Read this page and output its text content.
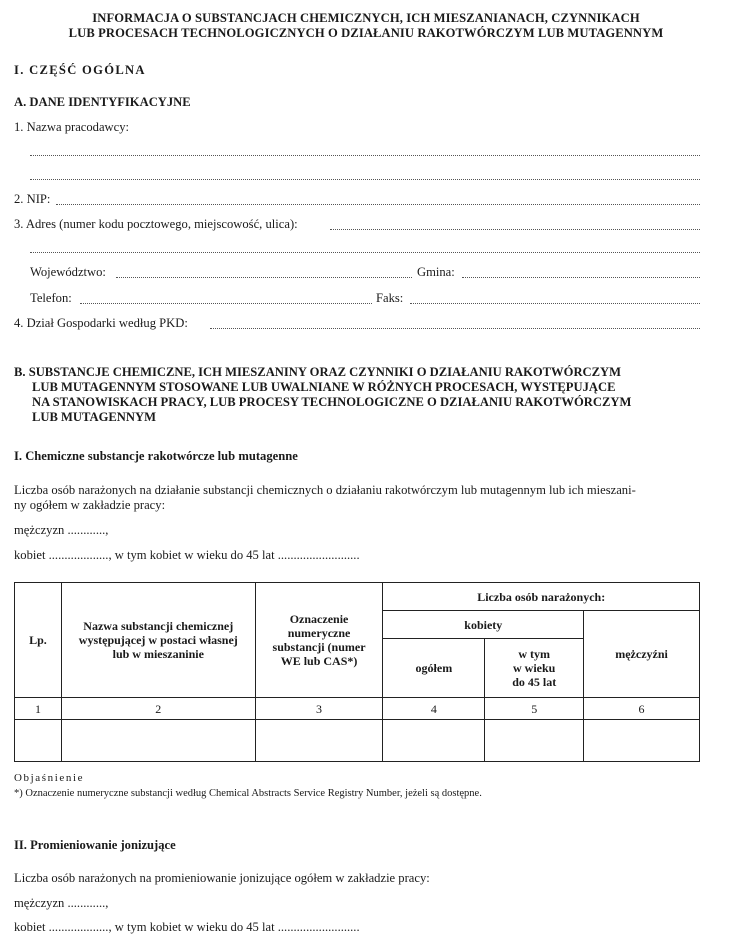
INFORMACJA O SUBSTANCJACH CHEMICZNYCH, ICH MIESZANIANACH, CZYNNIKACH
LUB PROCESACH TECHNOLOGICZNYCH O DZIAŁANIU RAKOTWÓRCZYM LUB MUTAGENNYM
I. CZĘŚĆ OGÓLNA
A. DANE IDENTYFIKACYJNE
1. Nazwa pracodawcy:
2. NIP:
3. Adres (numer kodu pocztowego, miejscowość, ulica):
Województwo:	Gmina:
Telefon:	Faks:
4. Dział Gospodarki według PKD:
B. SUBSTANCJE CHEMICZNE, ICH MIESZANINY ORAZ CZYNNIKI O DZIAŁANIU RAKOTWÓRCZYM
LUB MUTAGENNYM STOSOWANE LUB UWALNIANE W RÓŻNYCH PROCESACH, WYSTĘPUJĄCE
NA STANOWISKACH PRACY, LUB PROCESY TECHNOLOGICZNE O DZIAŁANIU RAKOTWÓRCZYM
LUB MUTAGENNYM
I. Chemiczne substancje rakotwórcze lub mutagenne
Liczba osób narażonych na działanie substancji chemicznych o działaniu rakotwórczym lub mutagennym lub ich mieszani-
ny ogółem w zakładzie pracy:
mężczyzn ............,
kobiet ..................., w tym kobiet w wieku do 45 lat ..........................
Lp.	Nazwa substancji chemicznej występującej w postaci własnej lub w mieszaninie	Oznaczenie
numeryczne
substancji (numer
WE lub CAS*)	Liczba osób narażonych:		
			kobiety		mężczyźni
			ogółem	w tym
w wieku
do 45 lat	

1	2	3	4	5	6

Objaśnienie
*) Oznaczenie numeryczne substancji według Chemical Abstracts Service Registry Number, jeżeli są dostępne.
II. Promieniowanie jonizujące
Liczba osób narażonych na promieniowanie jonizujące ogółem w zakładzie pracy:
mężczyzn ............,
kobiet ..................., w tym kobiet w wieku do 45 lat ..........................
